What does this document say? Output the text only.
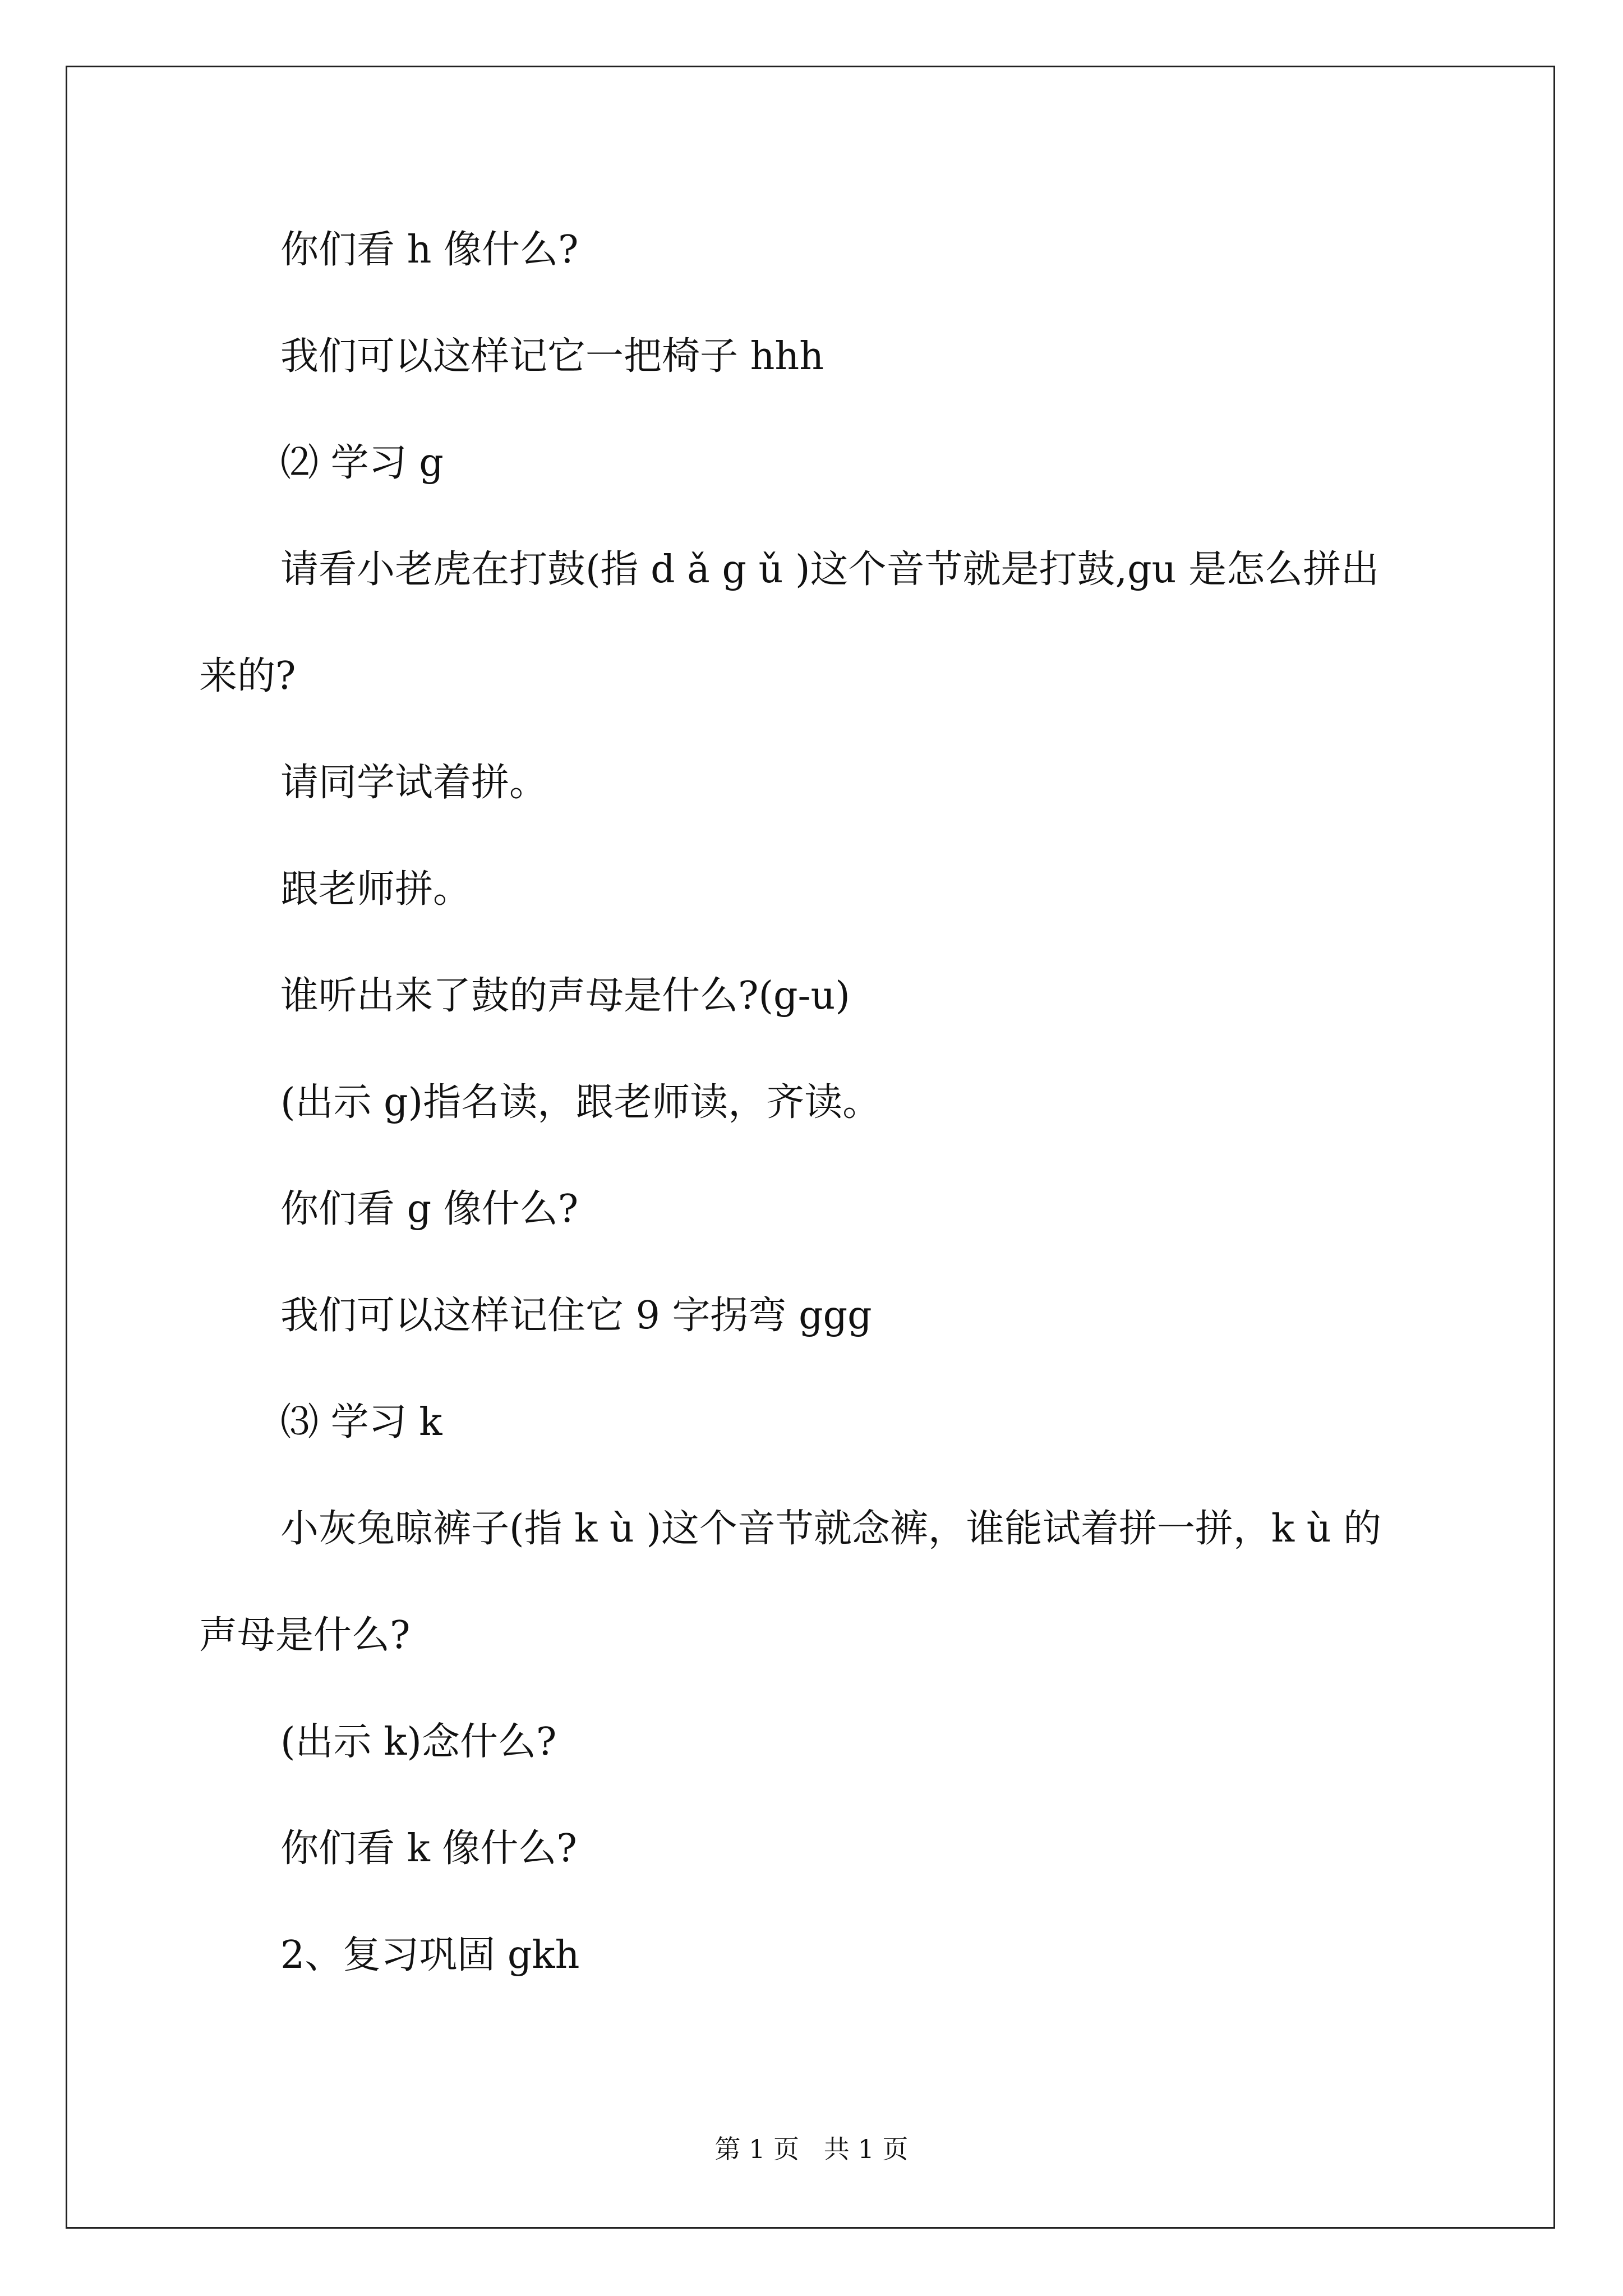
你们看 h 像什么?
我们可以这样记它一把椅子 hhh
⑵ 学习 g
请看小老虎在打鼓(指 d ǎ g ǔ )这个音节就是打鼓,gu 是怎么拼出
来的?
请同学试着拼。
跟老师拼。
谁听出来了鼓的声母是什么?(g-u)
(出示 g)指名读，跟老师读，齐读。
你们看 g 像什么?
我们可以这样记住它 9 字拐弯 ggg
⑶ 学习 k
小灰兔晾裤子(指 k ù )这个音节就念裤，谁能试着拼一拼，k ù 的
声母是什么?
(出示 k)念什么?
你们看 k 像什么?
2、复习巩固 gkh
第 1 页   共 1 页
